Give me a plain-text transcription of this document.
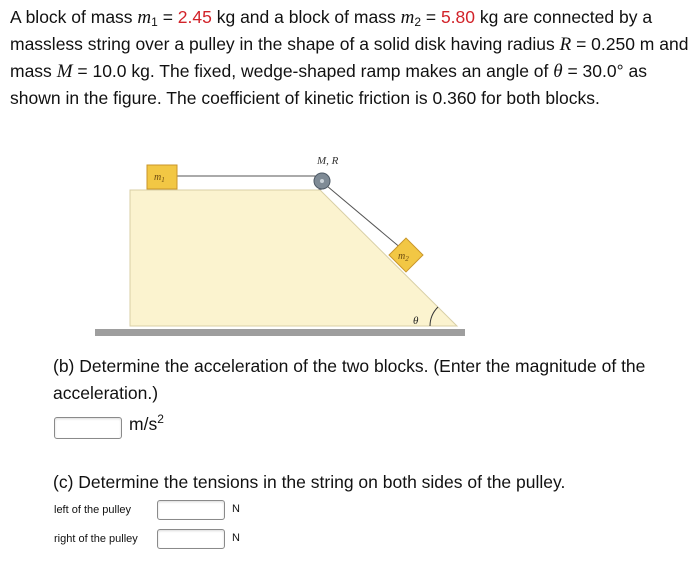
A block of mass $m_1 = 2.45$ kg and a block of mass $m_2 = 5.80$ kg are connected by a massless string over a pulley in the shape of a solid disk having radius R = 0.250 m and mass M = 10.0 kg. The fixed, wedge-shaped ramp makes an angle of θ = 30.0° as shown in the figure. The coefficient of kinetic friction is 0.360 for both blocks.
M, R
$m_1$
$m_2$
θ
(b) Determine the acceleration of the two blocks. (Enter the magnitude of the acceleration.)
$m/s^2$
(c) Determine the tensions in the string on both sides of the pulley.
left of the pulley	N
right of the pulley	N
